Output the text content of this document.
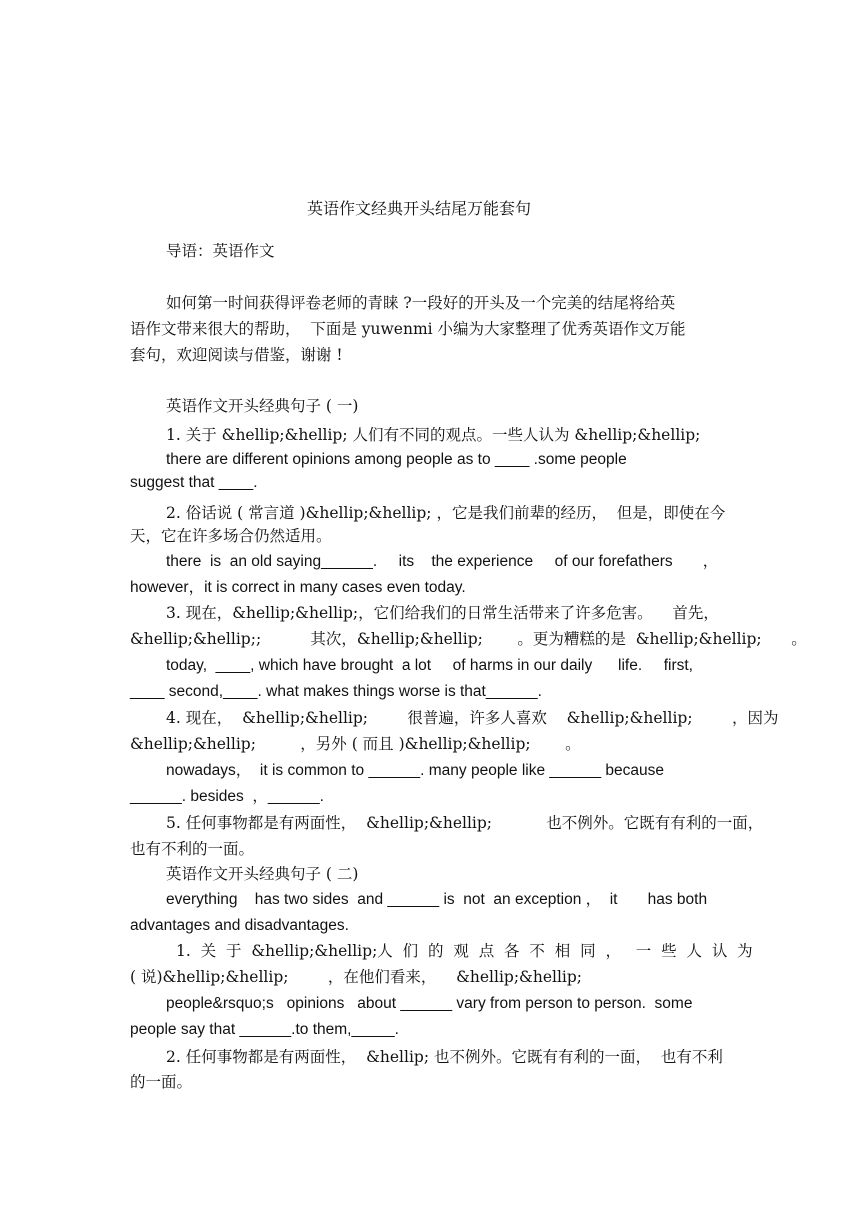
英语作文经典开头结尾万能套句
导语：英语作文
如何第一时间获得评卷老师的青睐 ?一段好的开头及一个完美的结尾将给英
语作文带来很大的帮助，  下面是 yuwenmi 小编为大家整理了优秀英语作文万能
套句，欢迎阅读与借鉴，谢谢 !
英语作文开头经典句子 ( 一)
1. 关于 &hellip;&hellip; 人们有不同的观点。一些人认为 &hellip;&hellip;
there are different opinions among people as to ____ .some people
suggest that ____.
2. 俗话说 ( 常言道 )&hellip;&hellip; ，它是我们前辈的经历，  但是，即使在今
天，它在许多场合仍然适用。
there  is  an old saying______.     its    the experience     of our forefathers       ，
however，it is correct in many cases even today.
3. 现在，&hellip;&hellip;，它们给我们的日常生活带来了许多危害。    首先，
&hellip;&hellip;;          其次，&hellip;&hellip;       。更为糟糕的是  &hellip;&hellip;      。
today,  ____, which have brought  a lot     of harms in our daily      life.     first,
____ second,____. what makes things worse is that______.
4. 现在，  &hellip;&hellip;        很普遍，许多人喜欢    &hellip;&hellip;        ，因为
&hellip;&hellip;         ，另外 ( 而且 )&hellip;&hellip;       。
nowadays，  it is common to ______. many people like ______ because
______. besides  ，______.
5. 任何事物都是有两面性，  &hellip;&hellip;           也不例外。它既有有利的一面，
也有不利的一面。
英语作文开头经典句子 ( 二)
everything    has two sides  and ______ is  not  an exception ，  it       has both
advantages and disadvantages.
1.  关  于  &hellip;&hellip;人  们  的  观  点  各  不  相  同  ，   一  些  人  认  为
( 说)&hellip;&hellip;        ，在他们看来，    &hellip;&hellip;
people&rsquo;s   opinions   about ______ vary from person to person.  some
people say that ______.to them,_____.
2. 任何事物都是有两面性，  &hellip; 也不例外。它既有有利的一面，  也有不利
的一面。
